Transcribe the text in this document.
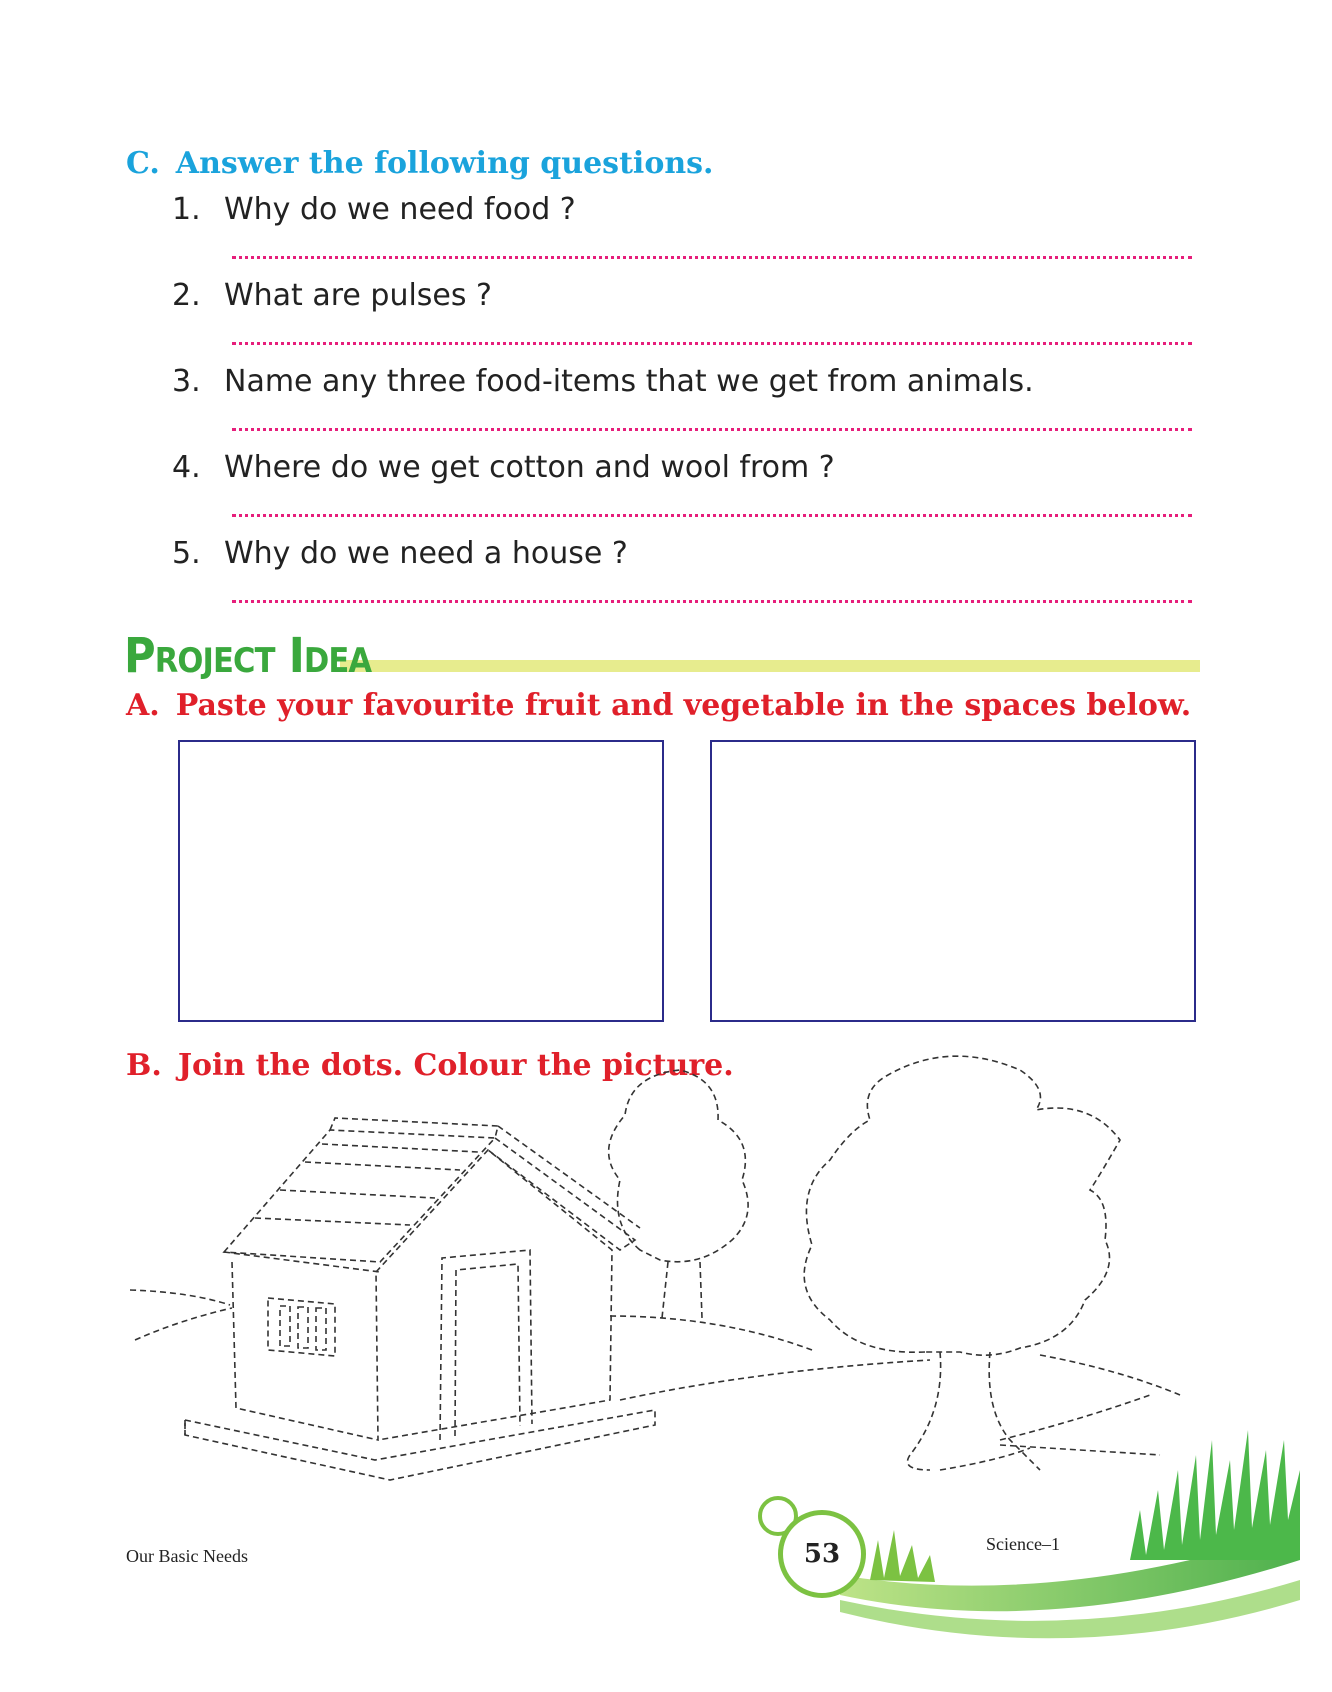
C. Answer the following questions.
1. Why do we need food ?
2. What are pulses ?
3. Name any three food-items that we get from animals.
4. Where do we get cotton and wool from ?
5. Why do we need a house ?
PROJECT IDEA
A. Paste your favourite fruit and vegetable in the spaces below.
B. Join the dots. Colour the picture.
Our Basic Needs	53	Science–1
